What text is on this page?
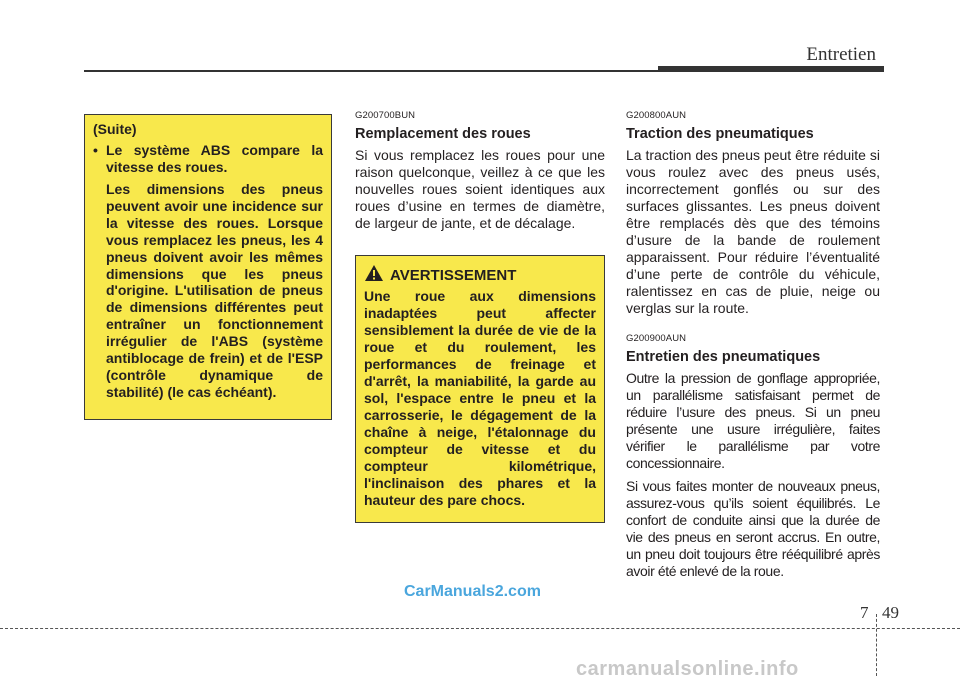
Entretien

(Suite)

• Le système ABS compare la vitesse des roues.

Les dimensions des pneus peuvent avoir une incidence sur la vitesse des roues. Lorsque vous remplacez les pneus, les 4 pneus doivent avoir les mêmes dimensions que les pneus d'origine. L'utilisation de pneus de dimensions différentes peut entraîner un fonctionnement irrégulier de l'ABS (système antiblocage de frein) et de l'ESP (contrôle dynamique de stabilité) (le cas échéant).

G200700BUN

Remplacement des roues

Si vous remplacez les roues pour une raison quelconque, veillez à ce que les nouvelles roues soient identiques aux roues d’usine en termes de diamètre, de largeur de jante, et de décalage.

AVERTISSEMENT

Une roue aux dimensions inadaptées peut affecter sensiblement la durée de vie de la roue et du roulement, les performances de freinage et d'arrêt, la maniabilité, la garde au sol, l'espace entre le pneu et la carrosserie, le dégagement de la chaîne à neige, l'étalonnage du compteur de vitesse et du compteur kilométrique, l'inclinaison des phares et la hauteur des pare chocs.

G200800AUN

Traction des pneumatiques

La traction des pneus peut être réduite si vous roulez avec des pneus usés, incorrectement gonflés ou sur des surfaces glissantes. Les pneus doivent être remplacés dès que des témoins d’usure de la bande de roulement apparaissent. Pour réduire l’éventualité d’une perte de contrôle du véhicule, ralentissez en cas de pluie, neige ou verglas sur la route.

G200900AUN

Entretien des pneumatiques

Outre la pression de gonflage appropriée, un parallélisme satisfaisant permet de réduire l’usure des pneus. Si un pneu présente une usure irrégulière, faites vérifier le parallélisme par votre concessionnaire.

Si vous faites monter de nouveaux pneus, assurez-vous qu’ils soient équilibrés. Le confort de conduite ainsi que la durée de vie des pneus en seront accrus. En outre, un pneu doit toujours être rééquilibré après avoir été enlevé de la roue.

CarManuals2.com
7 49
carmanualsonline.info
